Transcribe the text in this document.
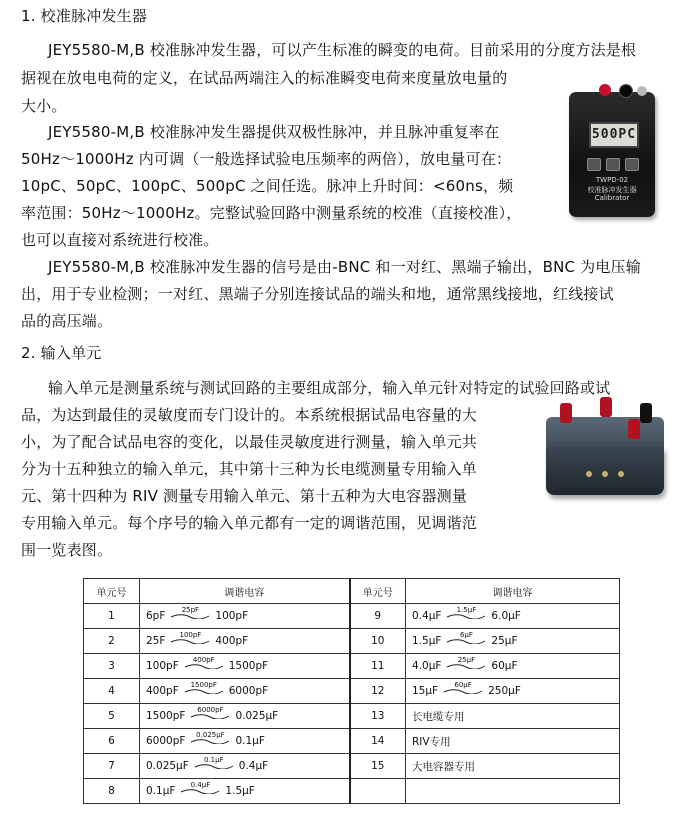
1. 校准脉冲发生器
JEY5580-M,B 校准脉冲发生器，可以产生标准的瞬变的电荷。目前采用的分度方法是根
据视在放电电荷的定义，在试品两端注入的标准瞬变电荷来度量放电量的
大小。
JEY5580-M,B 校准脉冲发生器提供双极性脉冲，并且脉冲重复率在
50Hz～1000Hz 内可调（一般选择试验电压频率的两倍），放电量可在：
10pC、50pC、100pC、500pC 之间任选。脉冲上升时间：<60ns，频
率范围：50Hz～1000Hz。完整试验回路中测量系统的校准（直接校准），
也可以直接对系统进行校准。
JEY5580-M,B 校准脉冲发生器的信号是由-BNC 和一对红、黑端子输出，BNC 为电压输
出，用于专业检测；一对红、黑端子分别连接试品的端头和地，通常黑线接地，红线接试
品的高压端。
500PC
TWPD-02
校准脉冲发生器
Calibrator
2. 输入单元
输入单元是测量系统与测试回路的主要组成部分，输入单元针对特定的试验回路或试
品，为达到最佳的灵敏度而专门设计的。本系统根据试品电容量的大
小，为了配合试品电容的变化，以最佳灵敏度进行测量，输入单元共
分为十五种独立的输入单元，其中第十三种为长电缆测量专用输入单
元、第十四种为 RIV 测量专用输入单元、第十五种为大电容器测量
专用输入单元。每个序号的输入单元都有一定的调谐范围，见调谐范
围一览表图。
单元号	调谐电容	单元号	调谐电容
1	6pF 25pF 100pF	9	0.4μF 1.5μF 6.0μF

2	25F 100pF 400pF	10	1.5μF 6μF 25μF

3	100pF 400pF 1500pF	11	4.0μF 25μF 60μF

4	400pF 1500pF 6000pF	12	15μF 60μF 250μF

5	1500pF 6000pF 0.025μF	13	长电缆专用
6	6000pF 0.025μF 0.1μF	14	RIV专用
7	0.025μF 0.1μF 0.4μF	15	大电容器专用
8	0.1μF 0.4μF 1.5μF		
